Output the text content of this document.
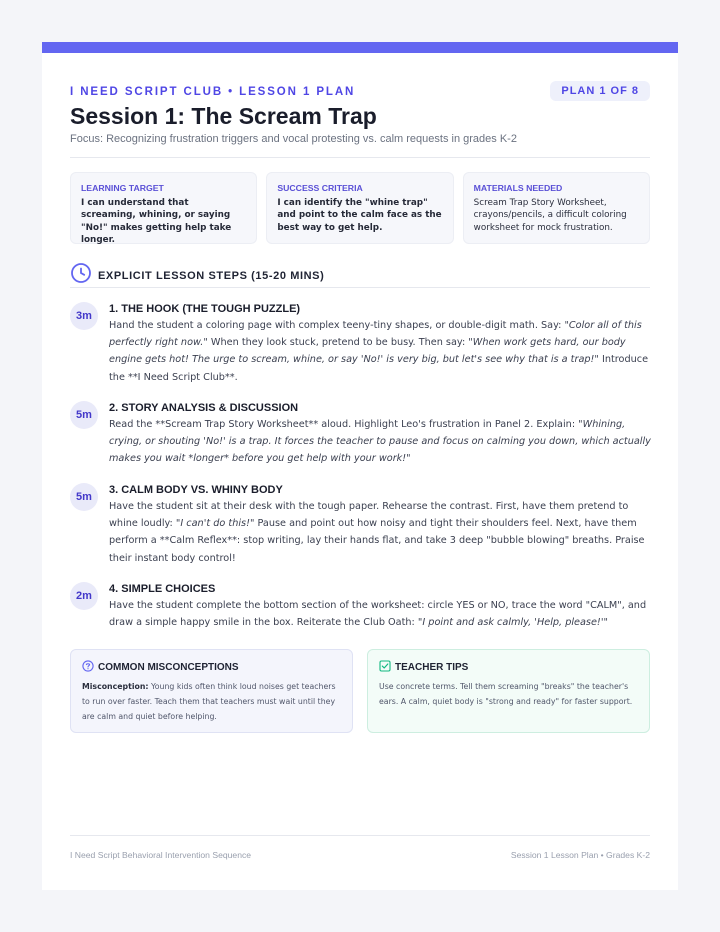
I NEED SCRIPT CLUB • LESSON 1 PLAN	PLAN 1 OF 8
Session 1: The Scream Trap
Focus: Recognizing frustration triggers and vocal protesting vs. calm requests in grades K-2
LEARNING TARGET
I can understand that screaming, whining, or saying "No!" makes getting help take longer.
SUCCESS CRITERIA
I can identify the "whine trap" and point to the calm face as the best way to get help.
MATERIALS NEEDED
Scream Trap Story Worksheet, crayons/pencils, a difficult coloring worksheet for mock frustration.
EXPLICIT LESSON STEPS (15-20 MINS)
3m
1. THE HOOK (THE TOUGH PUZZLE)
Hand the student a coloring page with complex teeny-tiny shapes, or double-digit math. Say: "Color all of this perfectly right now." When they look stuck, pretend to be busy. Then say: "When work gets hard, our body engine gets hot! The urge to scream, whine, or say 'No!' is very big, but let's see why that is a trap!" Introduce the **I Need Script Club**.
5m
2. STORY ANALYSIS & DISCUSSION
Read the **Scream Trap Story Worksheet** aloud. Highlight Leo's frustration in Panel 2. Explain: "Whining, crying, or shouting 'No!' is a trap. It forces the teacher to pause and focus on calming you down, which actually makes you wait *longer* before you get help with your work!"
5m
3. CALM BODY VS. WHINY BODY
Have the student sit at their desk with the tough paper. Rehearse the contrast. First, have them pretend to whine loudly: "I can't do this!" Pause and point out how noisy and tight their shoulders feel. Next, have them perform a **Calm Reflex**: stop writing, lay their hands flat, and take 3 deep "bubble blowing" breaths. Praise their instant body control!
2m
4. SIMPLE CHOICES
Have the student complete the bottom section of the worksheet: circle YES or NO, trace the word "CALM", and draw a simple happy smile in the box. Reiterate the Club Oath: "I point and ask calmly, 'Help, please!'"
COMMON MISCONCEPTIONS
Misconception: Young kids often think loud noises get teachers to run over faster. Teach them that teachers must wait until they are calm and quiet before helping.
TEACHER TIPS
Use concrete terms. Tell them screaming "breaks" the teacher's ears. A calm, quiet body is "strong and ready" for faster support.
I Need Script Behavioral Intervention Sequence	Session 1 Lesson Plan • Grades K-2
